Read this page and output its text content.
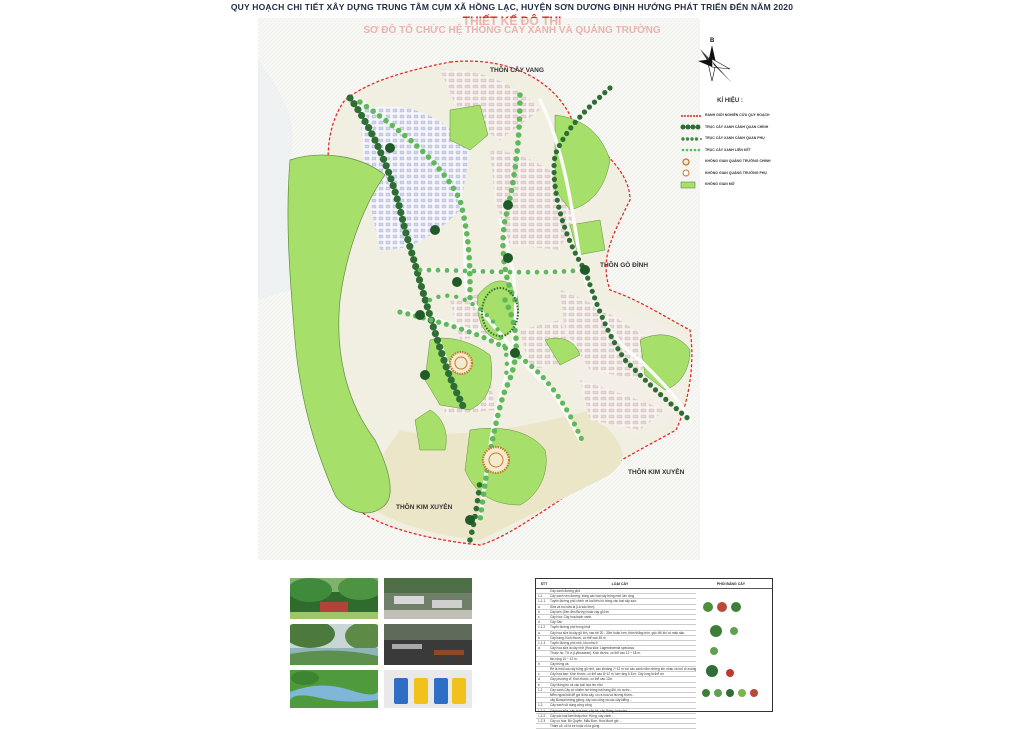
QUY HOẠCH CHI TIẾT XÂY DỰNG TRUNG TÂM CỤM XÃ HỒNG LẠC, HUYỆN SƠN DƯƠNG ĐỊNH HƯỚNG PHÁT TRIỂN ĐẾN NĂM 2020
THÔN CÂY VANG
THÔN GÒ ĐÌNH
THÔN KIM XUYÊN
THÔN KIM XUYÊN
B
KÍ HIỆU :
RANH GIỚI NGHIÊN CỨU QUY HOẠCH
TRỤC CÂY XANH CẢNH QUAN CHÍNH
TRỤC CÂY XANH CẢNH QUAN PHỤ
TRỤC CÂY XANH LIÊN KẾT
KHÔNG GIAN QUẢNG TRƯỜNG CHÍNH
KHÔNG GIAN QUẢNG TRƯỜNG PHỤ
KHÔNG GIAN MỞ
STT	LOẠI CÂY	PHỐI BẢNG CÂY
Cây xanh đường phố
1.1	Cây xanh ven đường: trồng các loại cây bóng mát, tán rộng
1.1.1	Tuyến đường phố chính và hai bên hồ trồng các loại cây sau:
a	Sữa và bụi sữa lá (Lá sấu lệch)
b	Cây kèn (Sen đen Bướp) hoặc cây gỗ lớn
c	Cây hoa: Cây hoa bạch xanh.
d	Cây Sấu
1.1.2	Tuyến đường phố trong khối
a	Cây hoa sữa là cây gỗ lớn, cao tới 20 - 30m hoặc hơn, thân thẳng tròn, gốc đôi khi có mấu sâu.
b	Cây bàng: Kích thước, có thể cao 35 m
1.1.3	Tuyến đường phố nhỏ, khu nhà ở
a	Cây hoa sữa là cây nhỡ (Hoa sữa: Lagerstroemia speciosa.
Thuộc họ: Tử vi (Lythraceae). Kích thước, có thể cao 12 ÷ 18 m,
tán rộng 10 ÷ 12 m.
b	Cây trứng cá
Rẻ là một loại cây bông gỗ nhỏ, cao khoảng 7÷12 m với các cành nằm những lớn nhau và hơi rủ xuống
c	Cây hoa ban: Kích thước, có thể cao 8÷12 m, tán rộng 5-8 m. Cây lọng là thể ơn
d	Cây phượng vĩ: Kích thước, có thể cao 12m
e	Cây Móng bò và các loài hoa leo như
1.2	Cây xanh Cây có nhiệm hơi trồng hai hàng đôi, hồ nước...
kiểm ngoài bãi để gọi là ba cây, có ra hoa và hương thơm...
cây Bonsai không giống, cây cao cũng và các cây kiểng ...
1.3	Cây xanh sử dụng công cộng
1.2.1	Cây hoa sữa, cây hoa ban, cây kè, cây Bàng, hoa sữa ...
1.2.2	Cây các loại tầm thấp như: Hồng, cây cảnh...
1.2.3	Cây cọ hoa: Bồ Quyên, Mẫu Đơn, Hoa Mười giờ ...
Thảm cỏ: cỏ lá tre hoặc cỏ lá gừng
